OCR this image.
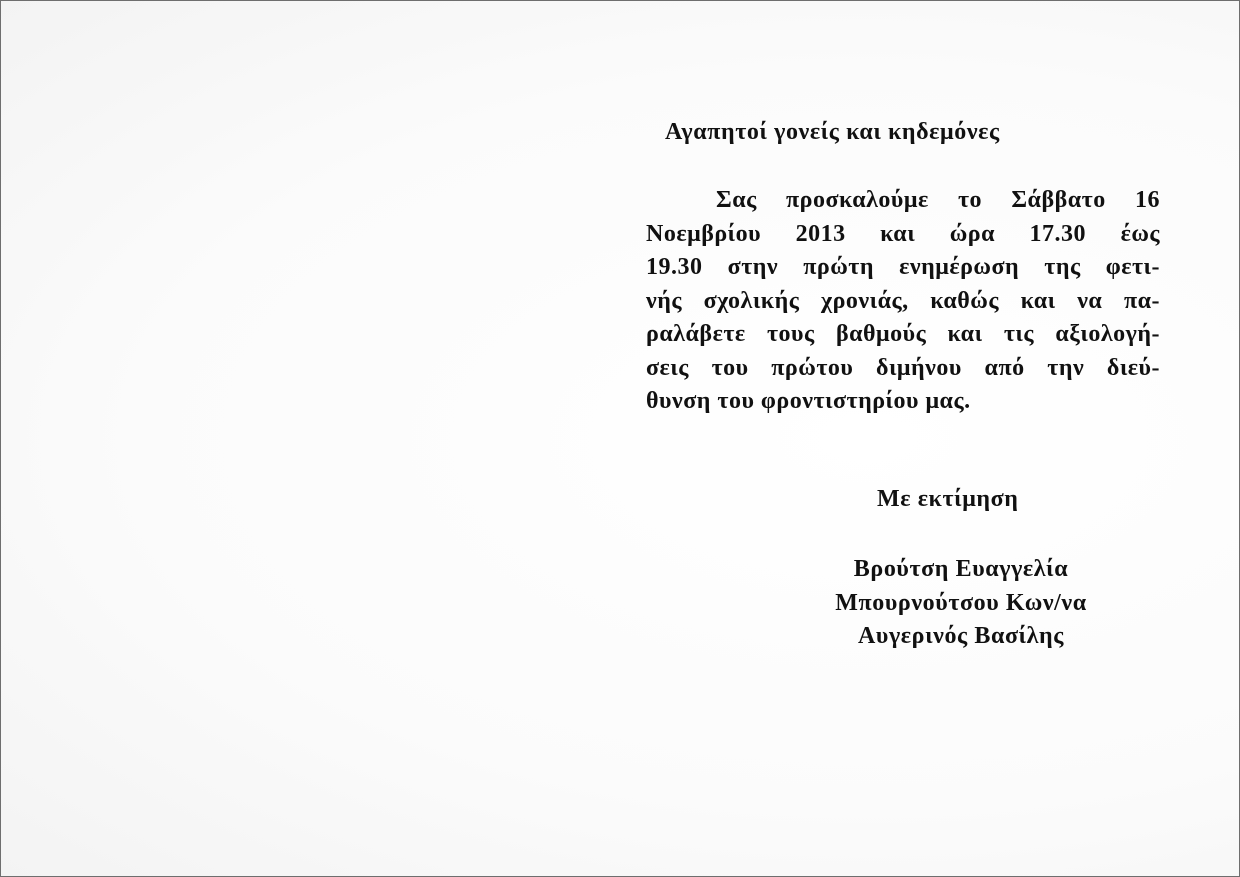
Αγαπητοί γονείς και κηδεμόνες
Σας προσκαλούμε το Σάββατο 16
Νοεμβρίου 2013 και ώρα 17.30 έως
19.30 στην πρώτη ενημέρωση της φετι-
νής σχολικής χρονιάς, καθώς και να πα-
ραλάβετε τους βαθμούς και τις αξιολογή-
σεις του πρώτου διμήνου από την διεύ-
θυνση του φροντιστηρίου μας.
Με εκτίμηση
Βρούτση Ευαγγελία
Μπουρνούτσου Κων/να
Αυγερινός Βασίλης
